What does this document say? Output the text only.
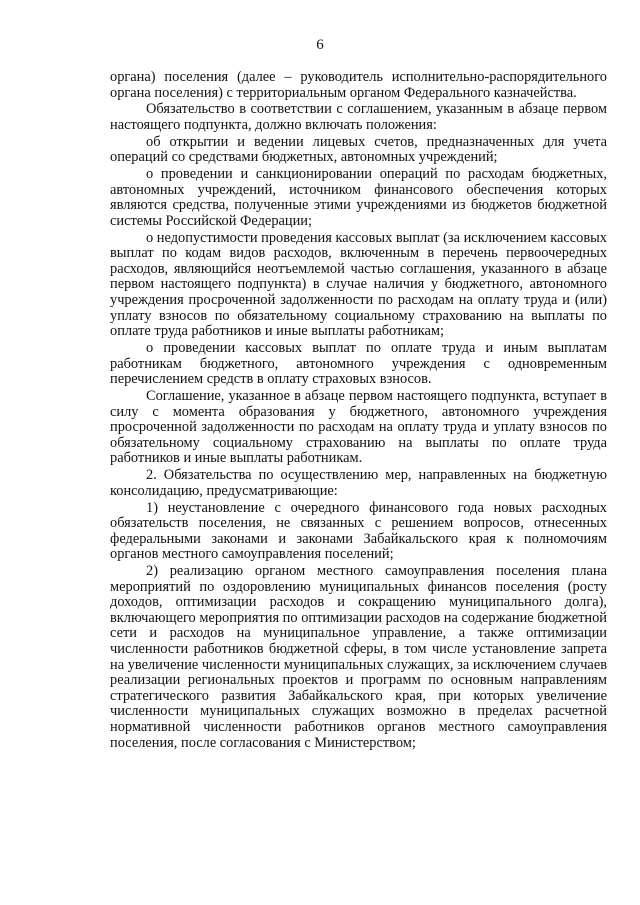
6

органа) поселения (далее – руководитель исполнительно-распорядительного органа поселения) с территориальным органом Федерального казначейства.

Обязательство в соответствии с соглашением, указанным в абзаце первом настоящего подпункта, должно включать положения:

об открытии и ведении лицевых счетов, предназначенных для учета операций со средствами бюджетных, автономных учреждений;

о проведении и санкционировании операций по расходам бюджетных, автономных учреждений, источником финансового обеспечения которых являются средства, полученные этими учреждениями из бюджетов бюджетной системы Российской Федерации;

о недопустимости проведения кассовых выплат (за исключением кассовых выплат по кодам видов расходов, включенным в перечень первоочередных расходов, являющийся неотъемлемой частью соглашения, указанного в абзаце первом настоящего подпункта) в случае наличия у бюджетного, автономного учреждения просроченной задолженности по расходам на оплату труда и (или) уплату взносов по обязательному социальному страхованию на выплаты по оплате труда работников и иные выплаты работникам;

о проведении кассовых выплат по оплате труда и иным выплатам работникам бюджетного, автономного учреждения с одновременным перечислением средств в оплату страховых взносов.

Соглашение, указанное в абзаце первом настоящего подпункта, вступает в силу с момента образования у бюджетного, автономного учреждения просроченной задолженности по расходам на оплату труда и уплату взносов по обязательному социальному страхованию на выплаты по оплате труда работников и иные выплаты работникам.

2. Обязательства по осуществлению мер, направленных на бюджетную консолидацию, предусматривающие:

1) неустановление с очередного финансового года новых расходных обязательств поселения, не связанных с решением вопросов, отнесенных федеральными законами и законами Забайкальского края к полномочиям органов местного самоуправления поселений;

2) реализацию органом местного самоуправления поселения плана мероприятий по оздоровлению муниципальных финансов поселения (росту доходов, оптимизации расходов и сокращению муниципального долга), включающего мероприятия по оптимизации расходов на содержание бюджетной сети и расходов на муниципальное управление, а также оптимизации численности работников бюджетной сферы, в том числе установление запрета на увеличение численности муниципальных служащих, за исключением случаев реализации региональных проектов и программ по основным направлениям стратегического развития Забайкальского края, при которых увеличение численности муниципальных служащих возможно в пределах расчетной нормативной численности работников органов местного самоуправления поселения, после согласования с Министерством;
